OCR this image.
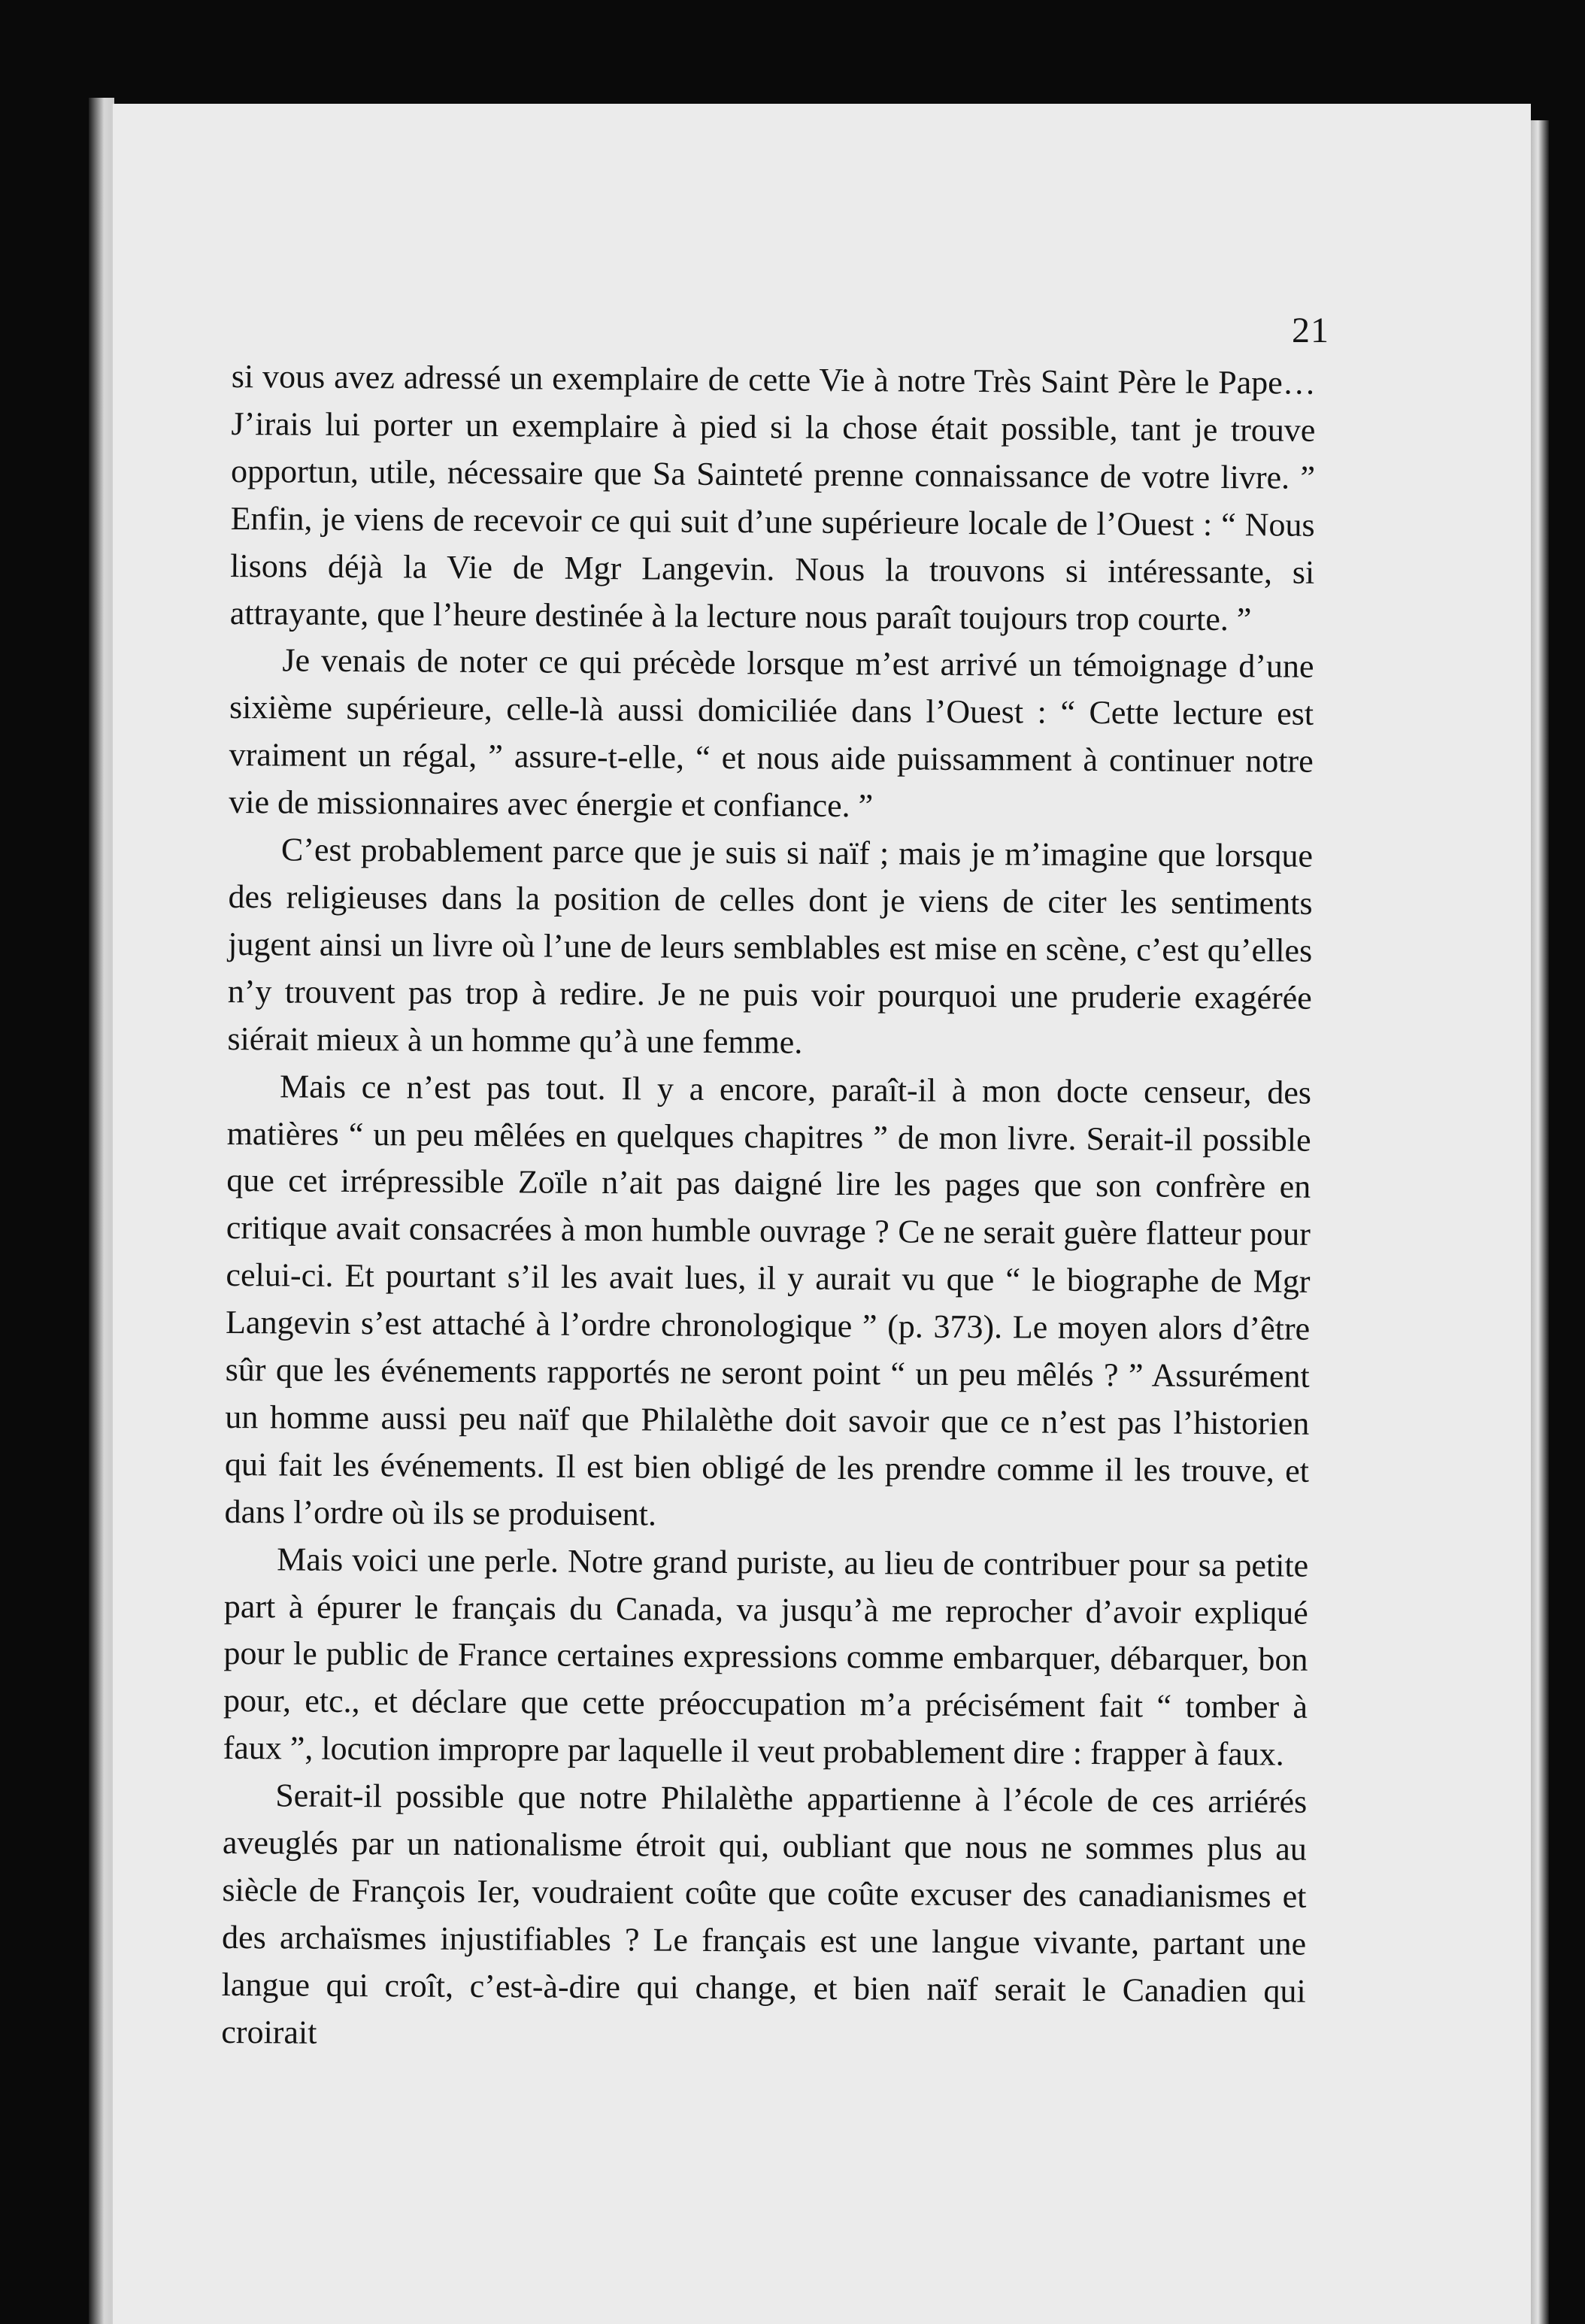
21

si vous avez adressé un exemplaire de cette Vie à notre Très Saint Père le Pape… J’irais lui porter un exemplaire à pied si la chose était possible, tant je trouve opportun, utile, nécessaire que Sa Sainteté prenne connaissance de votre livre. ” Enfin, je viens de recevoir ce qui suit d’une supérieure locale de l’Ouest : “ Nous lisons déjà la Vie de Mgr Langevin. Nous la trouvons si intéressante, si attrayante, que l’heure destinée à la lecture nous paraît toujours trop courte. ”

Je venais de noter ce qui précède lorsque m’est arrivé un témoignage d’une sixième supérieure, celle-là aussi domiciliée dans l’Ouest : “ Cette lecture est vraiment un régal, ” assure-t-elle, “ et nous aide puissamment à continuer notre vie de missionnaires avec énergie et confiance. ”

C’est probablement parce que je suis si naïf ; mais je m’imagine que lorsque des religieuses dans la position de celles dont je viens de citer les sentiments jugent ainsi un livre où l’une de leurs semblables est mise en scène, c’est qu’elles n’y trouvent pas trop à redire. Je ne puis voir pourquoi une pruderie exagérée siérait mieux à un homme qu’à une femme.

Mais ce n’est pas tout. Il y a encore, paraît-il à mon docte censeur, des matières “ un peu mêlées en quelques chapitres ” de mon livre. Serait-il possible que cet irrépressible Zoïle n’ait pas daigné lire les pages que son confrère en critique avait consacrées à mon humble ouvrage ? Ce ne serait guère flatteur pour celui-ci. Et pourtant s’il les avait lues, il y aurait vu que “ le biographe de Mgr Langevin s’est attaché à l’ordre chronologique ” (p. 373). Le moyen alors d’être sûr que les événements rapportés ne seront point “ un peu mêlés ? ” Assurément un homme aussi peu naïf que Philalèthe doit savoir que ce n’est pas l’historien qui fait les événements. Il est bien obligé de les prendre comme il les trouve, et dans l’ordre où ils se produisent.

Mais voici une perle. Notre grand puriste, au lieu de contribuer pour sa petite part à épurer le français du Canada, va jusqu’à me reprocher d’avoir expliqué pour le public de France certaines expressions comme embarquer, débarquer, bon pour, etc., et déclare que cette préoccupation m’a précisément fait “ tomber à faux ”, locution impropre par laquelle il veut probablement dire : frapper à faux.

Serait-il possible que notre Philalèthe appartienne à l’école de ces arriérés aveuglés par un nationalisme étroit qui, oubliant que nous ne sommes plus au siècle de François Ier, voudraient coûte que coûte excuser des canadianismes et des archaïsmes injustifiables ? Le français est une langue vivante, partant une langue qui croît, c’est-à-dire qui change, et bien naïf serait le Canadien qui croirait
